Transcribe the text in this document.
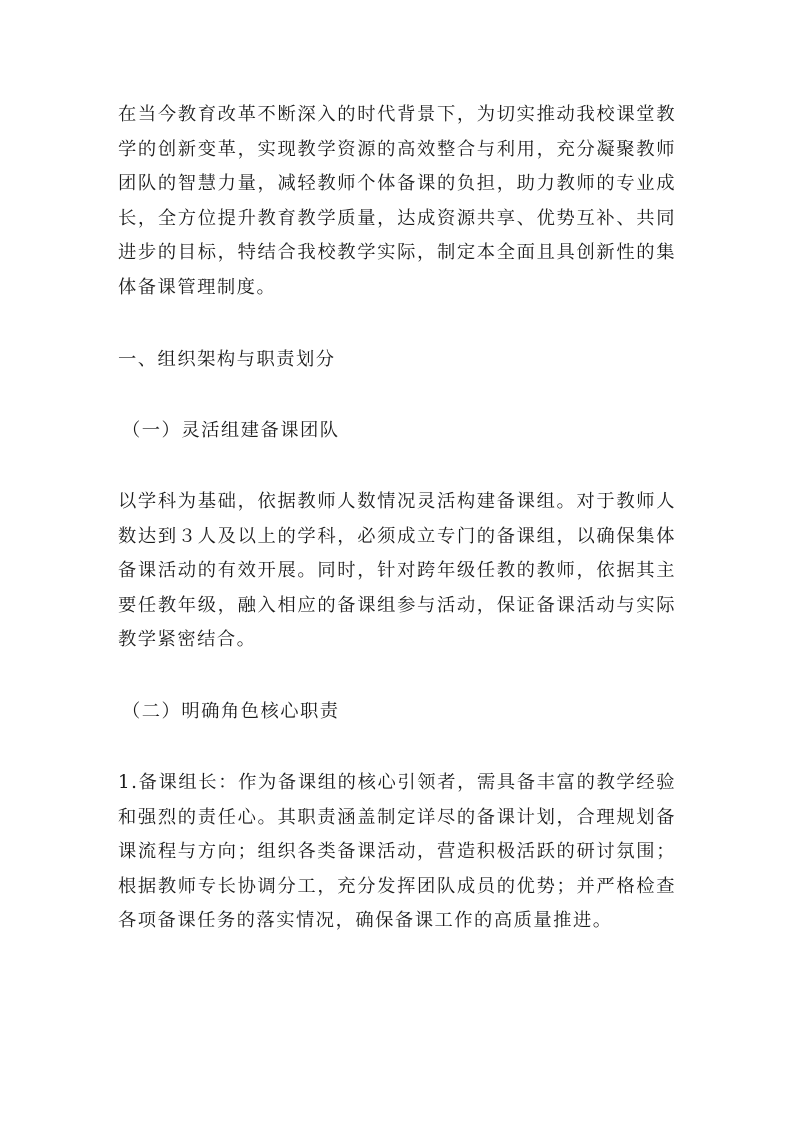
在当今教育改革不断深入的时代背景下，为切实推动我校课堂教学的创新变革，实现教学资源的高效整合与利用，充分凝聚教师团队的智慧力量，减轻教师个体备课的负担，助力教师的专业成长，全方位提升教育教学质量，达成资源共享、优势互补、共同进步的目标，特结合我校教学实际，制定本全面且具创新性的集体备课管理制度。

一、组织架构与职责划分

（一）灵活组建备课团队

以学科为基础，依据教师人数情况灵活构建备课组。对于教师人数达到３人及以上的学科，必须成立专门的备课组，以确保集体备课活动的有效开展。同时，针对跨年级任教的教师，依据其主要任教年级，融入相应的备课组参与活动，保证备课活动与实际教学紧密结合。

（二）明确角色核心职责

1.备课组长：作为备课组的核心引领者，需具备丰富的教学经验和强烈的责任心。其职责涵盖制定详尽的备课计划，合理规划备课流程与方向；组织各类备课活动，营造积极活跃的研讨氛围；根据教师专长协调分工，充分发挥团队成员的优势；并严格检查各项备课任务的落实情况，确保备课工作的高质量推进。
